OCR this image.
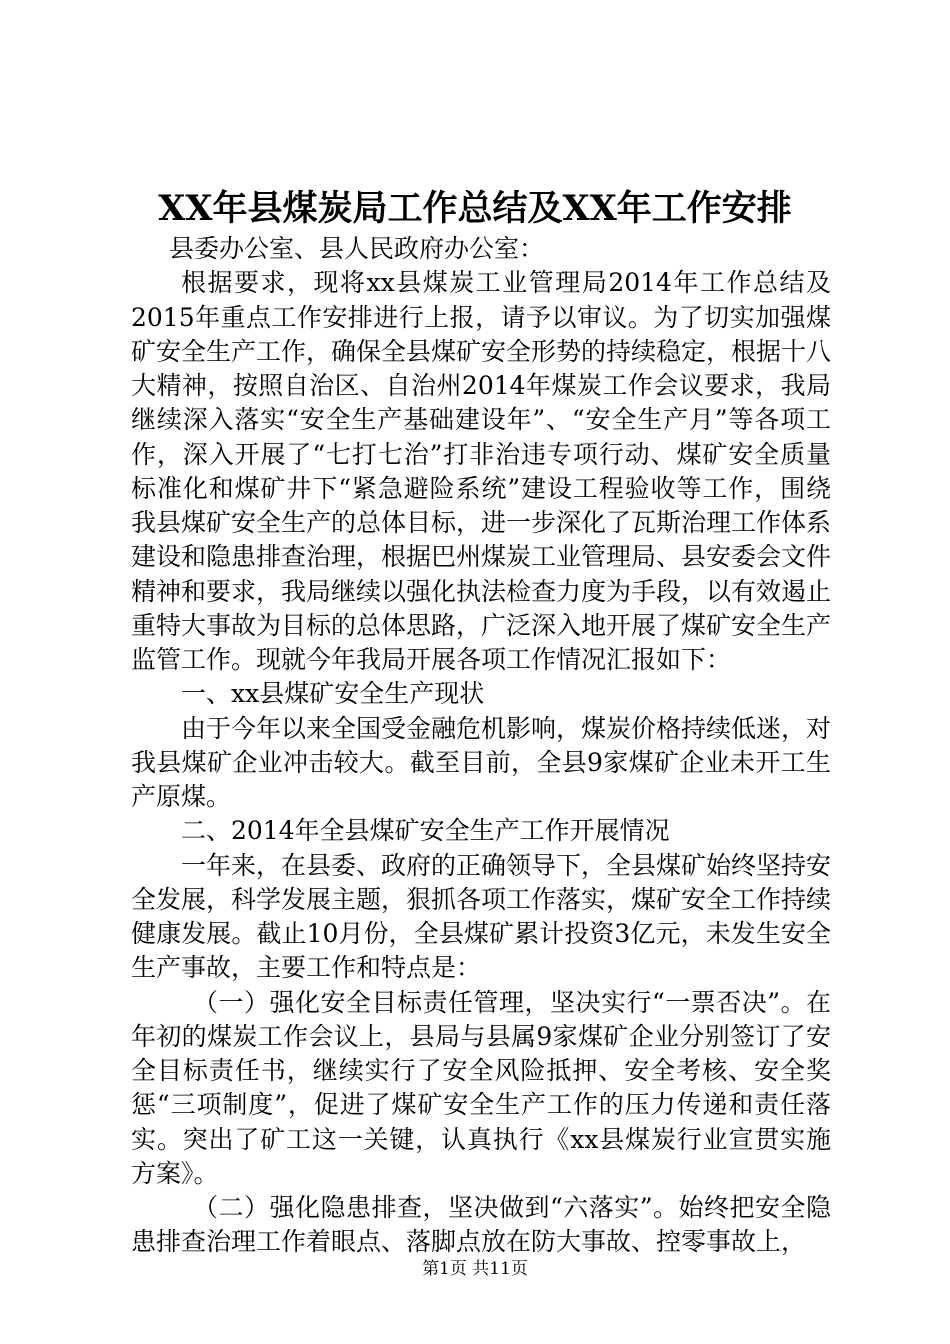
XX年县煤炭局工作总结及XX年工作安排

县委办公室、县人民政府办公室：

根据要求，现将xx县煤炭工业管理局2014年工作总结及2015年重点工作安排进行上报，请予以审议。为了切实加强煤矿安全生产工作，确保全县煤矿安全形势的持续稳定，根据十八大精神，按照自治区、自治州2014年煤炭工作会议要求，我局继续深入落实“安全生产基础建设年”、“安全生产月”等各项工作，深入开展了“七打七治”打非治违专项行动、煤矿安全质量标准化和煤矿井下“紧急避险系统”建设工程验收等工作，围绕我县煤矿安全生产的总体目标，进一步深化了瓦斯治理工作体系建设和隐患排查治理，根据巴州煤炭工业管理局、县安委会文件精神和要求，我局继续以强化执法检查力度为手段，以有效遏止重特大事故为目标的总体思路，广泛深入地开展了煤矿安全生产监管工作。现就今年我局开展各项工作情况汇报如下：

一、xx县煤矿安全生产现状

由于今年以来全国受金融危机影响，煤炭价格持续低迷，对我县煤矿企业冲击较大。截至目前，全县9家煤矿企业未开工生产原煤。

二、2014年全县煤矿安全生产工作开展情况

一年来，在县委、政府的正确领导下，全县煤矿始终坚持安全发展，科学发展主题，狠抓各项工作落实，煤矿安全工作持续健康发展。截止10月份，全县煤矿累计投资3亿元，未发生安全生产事故，主要工作和特点是：

（一）强化安全目标责任管理，坚决实行“一票否决”。在年初的煤炭工作会议上，县局与县属9家煤矿企业分别签订了安全目标责任书，继续实行了安全风险抵押、安全考核、安全奖惩“三项制度”，促进了煤矿安全生产工作的压力传递和责任落实。突出了矿工这一关键，认真执行《xx县煤炭行业宣贯实施方案》。

（二）强化隐患排查，坚决做到“六落实”。始终把安全隐患排查治理工作着眼点、落脚点放在防大事故、控零事故上，

第1页 共11页
